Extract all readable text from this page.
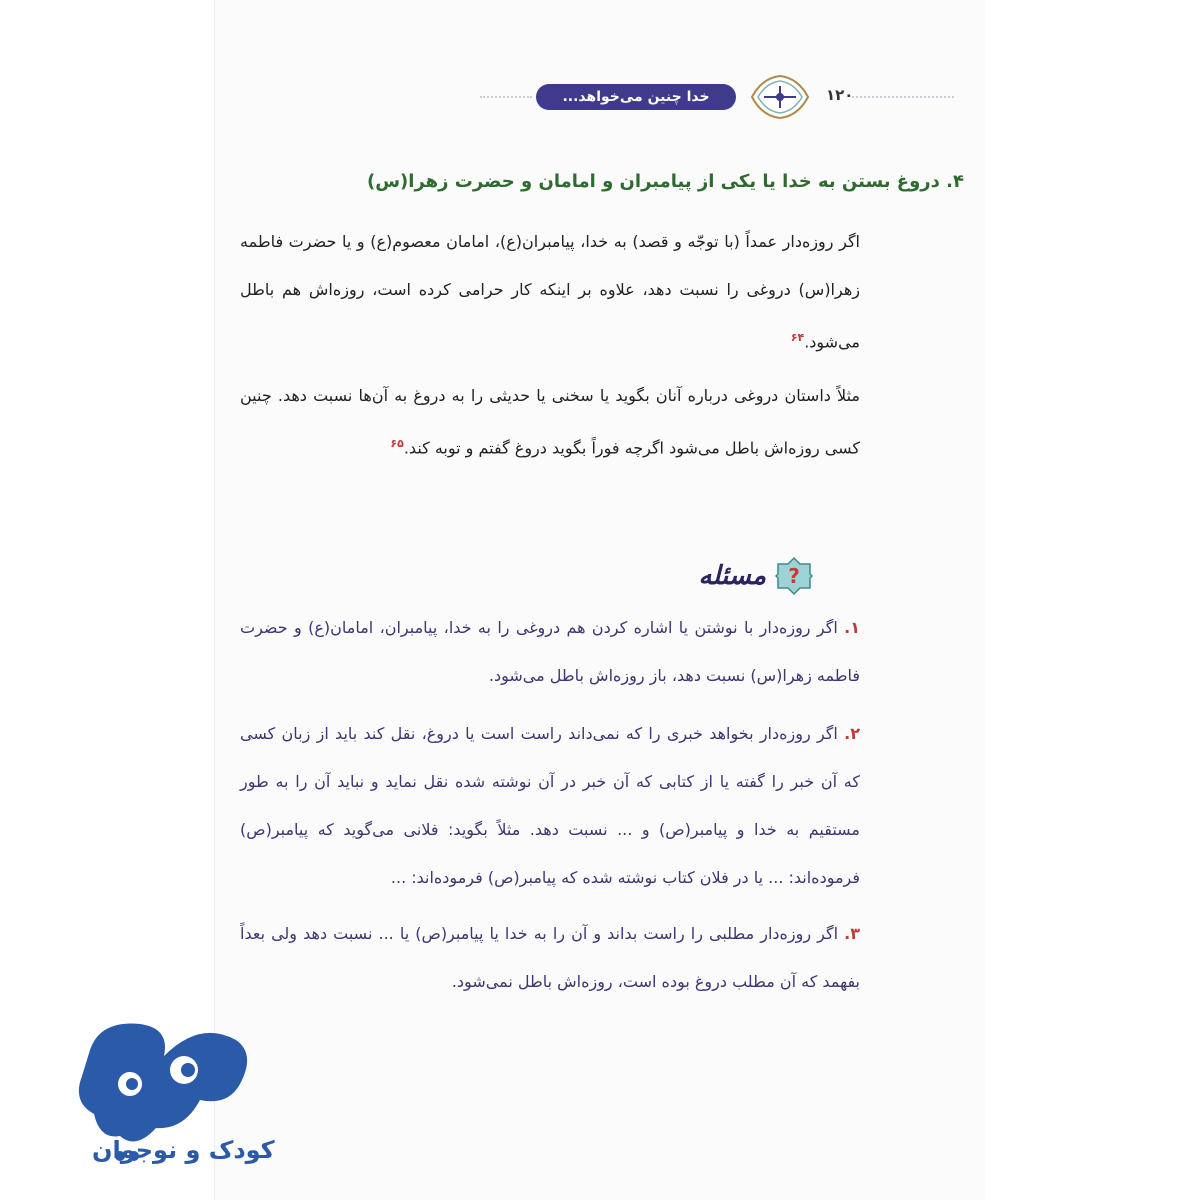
خدا چنین می‌خواهد...	۱۲۰
۴. دروغ بستن به خدا یا یکی از پیامبران و امامان و حضرت زهرا(س)
اگر روزه‌دار عمداً (با توجّه و قصد) به خدا، پیامبران(ع)، امامان معصوم(ع) و یا حضرت فاطمه زهرا(س) دروغی را نسبت دهد، علاوه بر اینکه کار حرامی کرده است، روزه‌اش هم باطل می‌شود.$^{۶۴}$
مثلاً داستان دروغی درباره آنان بگوید یا سخنی یا حدیثی را به دروغ به آن‌ها نسبت دهد. چنین کسی روزه‌اش باطل می‌شود اگرچه فوراً بگوید دروغ گفتم و توبه کند.$^{۶۵}$
?
مسئله
۱. اگر روزه‌دار با نوشتن یا اشاره کردن هم دروغی را به خدا، پیامبران، امامان(ع) و حضرت فاطمه زهرا(س) نسبت دهد، باز روزه‌اش باطل می‌شود.
۲. اگر روزه‌دار بخواهد خبری را که نمی‌داند راست است یا دروغ، نقل کند باید از زبان کسی که آن خبر را گفته یا از کتابی که آن خبر در آن نوشته شده نقل نماید و نباید آن را به طور مستقیم به خدا و پیامبر(ص) و ... نسبت دهد. مثلاً بگوید: فلانی می‌گوید که پیامبر(ص) فرموده‌اند: ... یا در فلان کتاب نوشته شده که پیامبر(ص) فرموده‌اند: ...
۳. اگر روزه‌دار مطلبی را راست بداند و آن را به خدا یا پیامبر(ص) یا ... نسبت دهد ولی بعداً بفهمد که آن مطلب دروغ بوده است، روزه‌اش باطل نمی‌شود.
puonak
کودک و نوجوان
